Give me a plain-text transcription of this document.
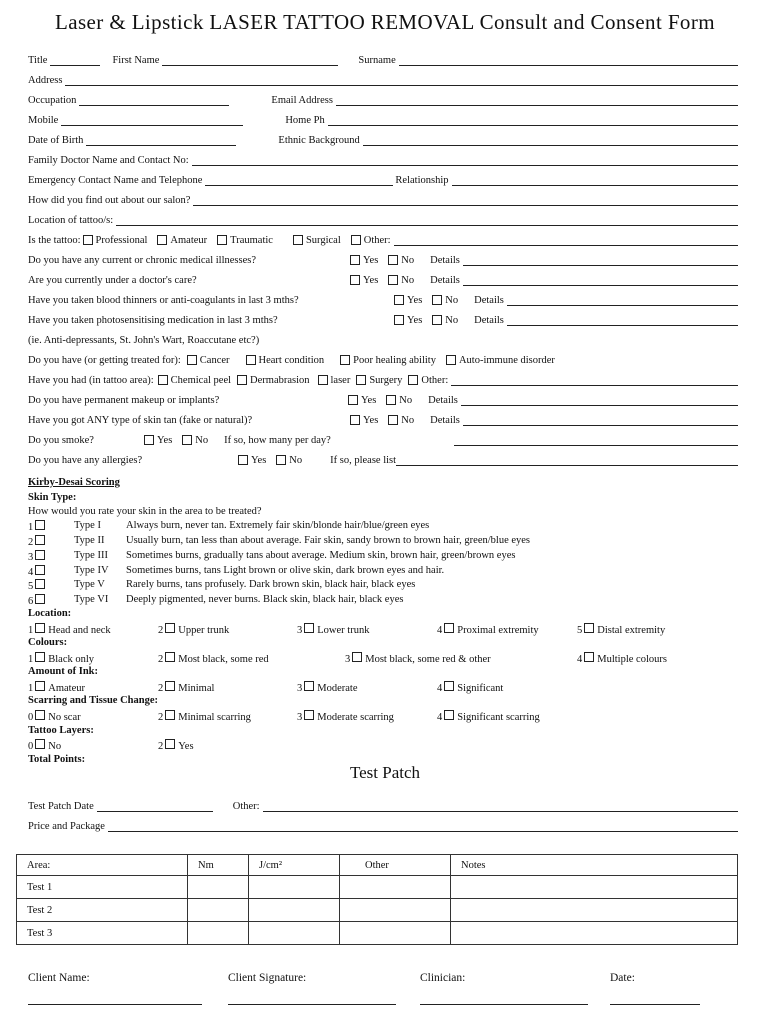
Laser & Lipstick LASER TATTOO REMOVAL Consult and Consent Form
Title	First Name	Surname
Address
Occupation	Email Address
Mobile	Home Ph
Date of Birth	Ethnic Background
Family Doctor Name and Contact No:
Emergency Contact Name and Telephone	Relationship
How did you find out about our salon?
Location of tattoo/s:
Is the tattoo: Professional Amateur Traumatic	Surgical Other:
Do you have any current or chronic medical illnesses?	Yes No Details
Are you currently under a doctor's care?	Yes No Details
Have you taken blood thinners or anti-coagulants in last 3 mths?	Yes No Details
Have you taken photosensitising medication in last 3 mths?	Yes No Details
(ie. Anti-depressants, St. John's Wart, Roaccutane etc?)
Do you have (or getting treated for): Cancer	Heart condition	Poor healing ability Auto-immune disorder
Have you had (in tattoo area): Chemical peel Dermabrasion laser Surgery Other:
Do you have permanent makeup or implants?	Yes No Details
Have you got ANY type of skin tan (fake or natural)?	Yes No Details
Do you smoke?	Yes No If so, how many per day?
Do you have any allergies?	Yes No	If so, please list
Kirby-Desai Scoring
Skin Type:
How would you rate your skin in the area to be treated?
1	Type I Always burn, never tan. Extremely fair skin/blonde hair/blue/green eyes
2	Type II Usually burn, tan less than about average. Fair skin, sandy brown to brown hair, green/blue eyes
3	Type III Sometimes burns, gradually tans about average. Medium skin, brown hair, green/brown eyes
4	Type IV Sometimes burns, tans Light brown or olive skin, dark brown eyes and hair.
5	Type V Rarely burns, tans profusely. Dark brown skin, black hair, black eyes
6	Type VI Deeply pigmented, never burns. Black skin, black hair, black eyes
Location:
1 Head and neck	2 Upper trunk	3 Lower trunk	4 Proximal extremity	5 Distal extremity
Colours:
1 Black only	2 Most black, some red	3 Most black, some red & other	4 Multiple colours
Amount of Ink:
1 Amateur	2 Minimal	3 Moderate	4 Significant
Scarring and Tissue Change:
0 No scar	2 Minimal scarring	3 Moderate scarring	4 Significant scarring
Tattoo Layers:
0 No	2 Yes
Total Points:
Test Patch
Test Patch Date	Other:
Price and Package
Area:	Nm	J/cm²	Other	Notes
Test 1				
Test 2				
Test 3				
Client Name:	Client Signature:	Clinician:	Date:
